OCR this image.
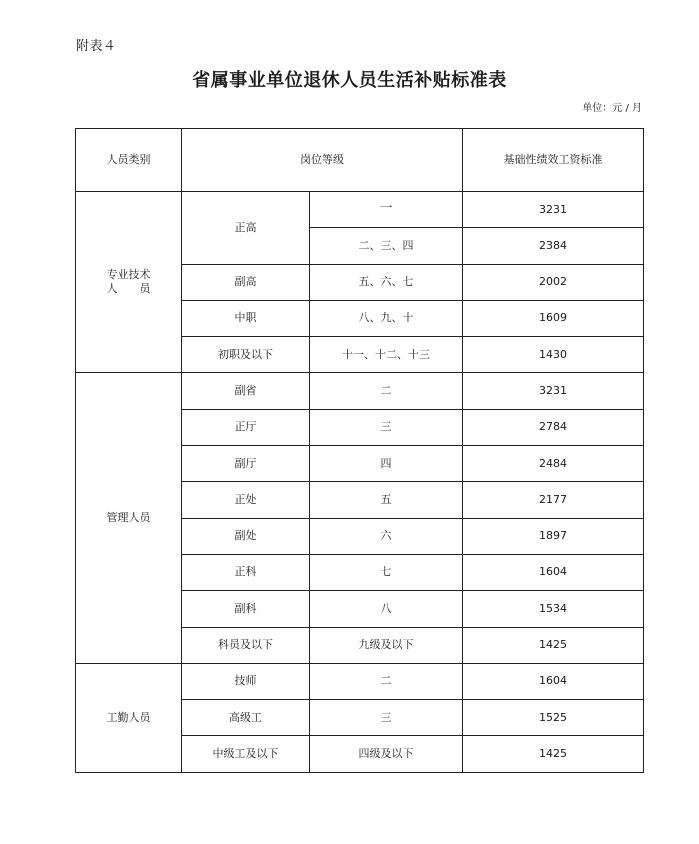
附表４
省属事业单位退休人员生活补贴标准表
单位：元 / 月
人员类别	岗位等级		基础性绩效工资标准
专业技术
人　　员	正高	一	3231
		二、三、四	2384
	副高	五、六、七	2002
	中职	八、九、十	1609
	初职及以下	十一、十二、十三	1430
管理人员	副省	二	3231
	正厅	三	2784
	副厅	四	2484
	正处	五	2177
	副处	六	1897
	正科	七	1604
	副科	八	1534
	科员及以下	九级及以下	1425
工勤人员	技师	二	1604
	高级工	三	1525
	中级工及以下	四级及以下	1425
